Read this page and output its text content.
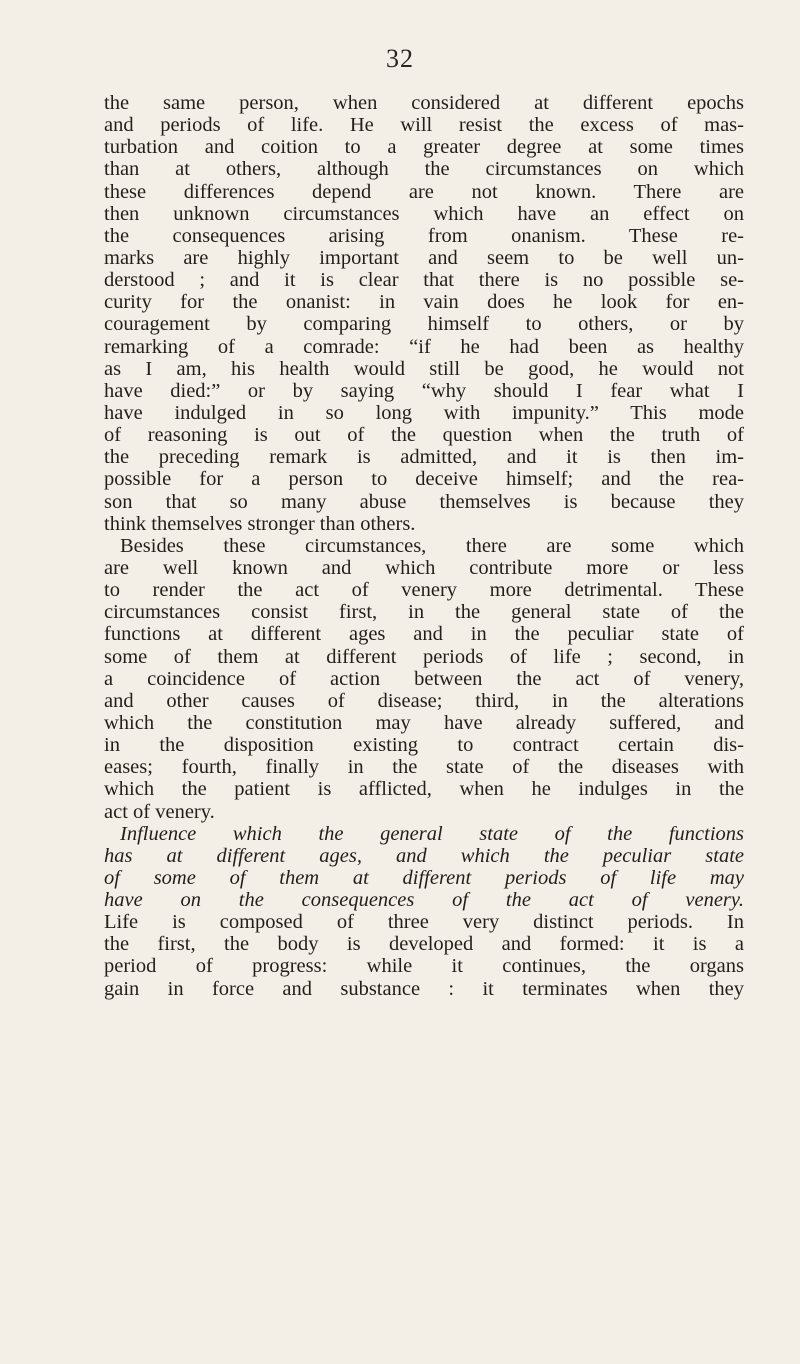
32
the same person, when considered at different epochs
and periods of life. He will resist the excess of mas-
turbation and coition to a greater degree at some times
than at others, although the circumstances on which
these differences depend are not known. There are
then unknown circumstances which have an effect on
the consequences arising from onanism. These re-
marks are highly important and seem to be well un-
derstood ; and it is clear that there is no possible se-
curity for the onanist: in vain does he look for en-
couragement by comparing himself to others, or by
remarking of a comrade: “if he had been as healthy
as I am, his health would still be good, he would not
have died:” or by saying “why should I fear what I
have indulged in so long with impunity.” This mode
of reasoning is out of the question when the truth of
the preceding remark is admitted, and it is then im-
possible for a person to deceive himself; and the rea-
son that so many abuse themselves is because they
think themselves stronger than others.
Besides these circumstances, there are some which
are well known and which contribute more or less
to render the act of venery more detrimental. These
circumstances consist first, in the general state of the
functions at different ages and in the peculiar state of
some of them at different periods of life ; second, in
a coincidence of action between the act of venery,
and other causes of disease; third, in the alterations
which the constitution may have already suffered, and
in the disposition existing to contract certain dis-
eases; fourth, finally in the state of the diseases with
which the patient is afflicted, when he indulges in the
act of venery.
Influence which the general state of the functions
has at different ages, and which the peculiar state
of some of them at different periods of life may
have on the consequences of the act of venery.
Life is composed of three very distinct periods. In
the first, the body is developed and formed: it is a
period of progress: while it continues, the organs
gain in force and substance : it terminates when they
